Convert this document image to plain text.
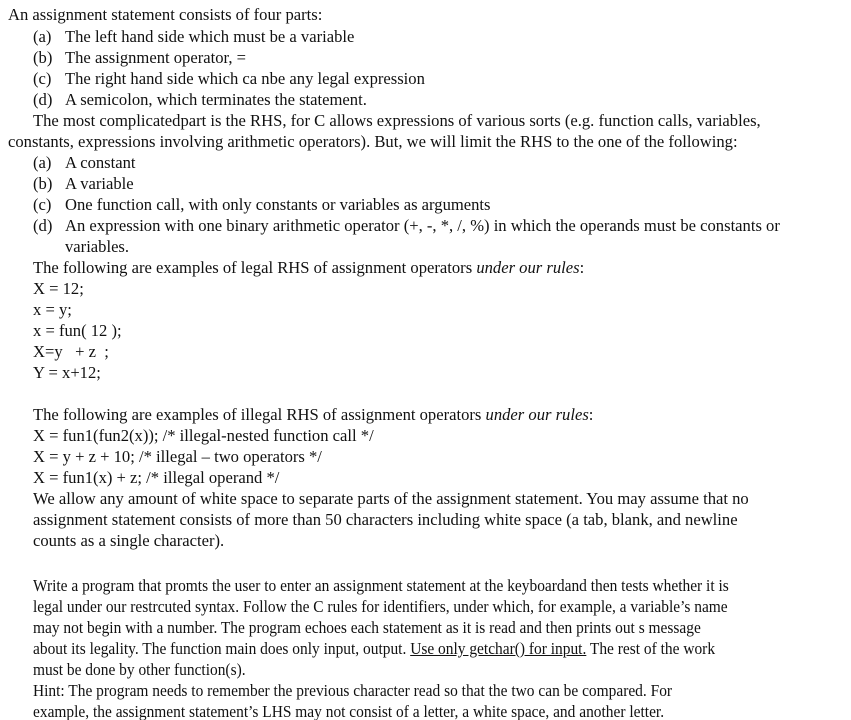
An assignment statement consists of four parts:
(a) The left hand side which must be a variable
(b) The assignment operator, =
(c) The right hand side which ca nbe any legal expression
(d) A semicolon, which terminates the statement.
The most complicatedpart is the RHS, for C allows expressions of various sorts (e.g. function calls, variables,
constants, expressions involving arithmetic operators). But, we will limit the RHS to the one of the following:
(a) A constant
(b) A variable
(c) One function call, with only constants or variables as arguments
(d) An expression with one binary arithmetic operator (+, -, *, /, %) in which the operands must be constants or
variables.
The following are examples of legal RHS of assignment operators under our rules:
X = 12;
x = y;
x = fun( 12 );
X=y   + z  ;
Y = x+12;
The following are examples of illegal RHS of assignment operators under our rules:
X = fun1(fun2(x)); /* illegal-nested function call */
X = y + z + 10; /* illegal – two operators */
X = fun1(x) + z; /* illegal operand */
We allow any amount of white space to separate parts of the assignment statement. You may assume that no
assignment statement consists of more than 50 characters including white space (a tab, blank, and newline
counts as a single character).
Write a program that promts the user to enter an assignment statement at the keyboardand then tests whether it is
legal under our restrcuted syntax. Follow the C rules for identifiers, under which, for example, a variable’s name
may not begin with a number. The program echoes each statement as it is read and then prints out s message
about its legality. The function main does only input, output. Use only getchar() for input. The rest of the work
must be done by other function(s).
Hint: The program needs to remember the previous character read so that the two can be compared. For
example, the assignment statement’s LHS may not consist of a letter, a white space, and another letter.
